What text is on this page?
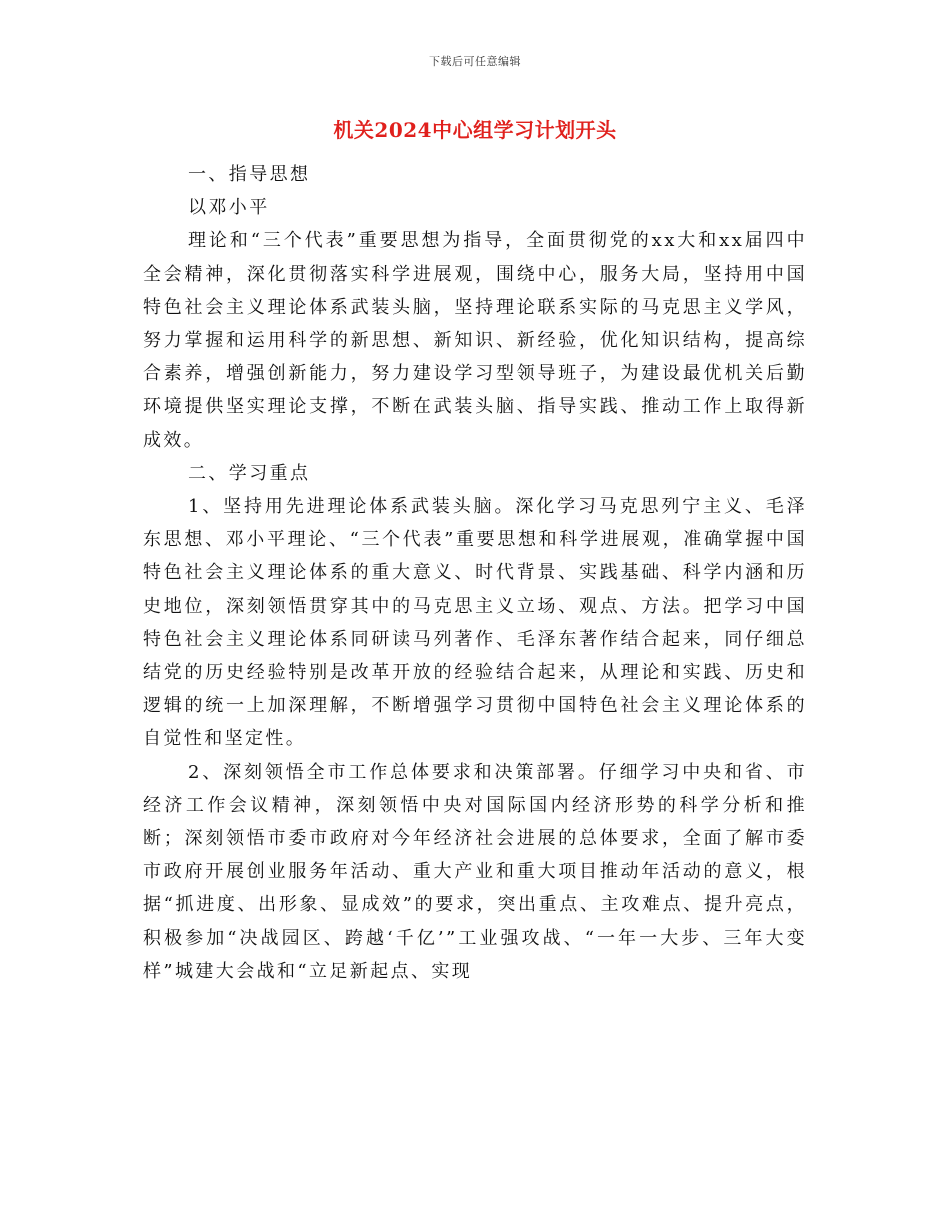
下载后可任意编辑
机关2024中心组学习计划开头

一、指导思想

以邓小平

理论和“三个代表”重要思想为指导，全面贯彻党的xx大和xx届四中全会精神，深化贯彻落实科学进展观，围绕中心，服务大局，坚持用中国特色社会主义理论体系武装头脑，坚持理论联系实际的马克思主义学风，努力掌握和运用科学的新思想、新知识、新经验，优化知识结构，提高综合素养，增强创新能力，努力建设学习型领导班子，为建设最优机关后勤环境提供坚实理论支撑，不断在武装头脑、指导实践、推动工作上取得新成效。

二、学习重点

1、坚持用先进理论体系武装头脑。深化学习马克思列宁主义、毛泽东思想、邓小平理论、“三个代表”重要思想和科学进展观，准确掌握中国特色社会主义理论体系的重大意义、时代背景、实践基础、科学内涵和历史地位，深刻领悟贯穿其中的马克思主义立场、观点、方法。把学习中国特色社会主义理论体系同研读马列著作、毛泽东著作结合起来，同仔细总结党的历史经验特别是改革开放的经验结合起来，从理论和实践、历史和逻辑的统一上加深理解，不断增强学习贯彻中国特色社会主义理论体系的自觉性和坚定性。

2、深刻领悟全市工作总体要求和决策部署。仔细学习中央和省、市经济工作会议精神，深刻领悟中央对国际国内经济形势的科学分析和推断；深刻领悟市委市政府对今年经济社会进展的总体要求，全面了解市委市政府开展创业服务年活动、重大产业和重大项目推动年活动的意义，根据“抓进度、出形象、显成效”的要求，突出重点、主攻难点、提升亮点，积极参加“决战园区、跨越‘千亿’”工业强攻战、“一年一大步、三年大变样”城建大会战和“立足新起点、实现
